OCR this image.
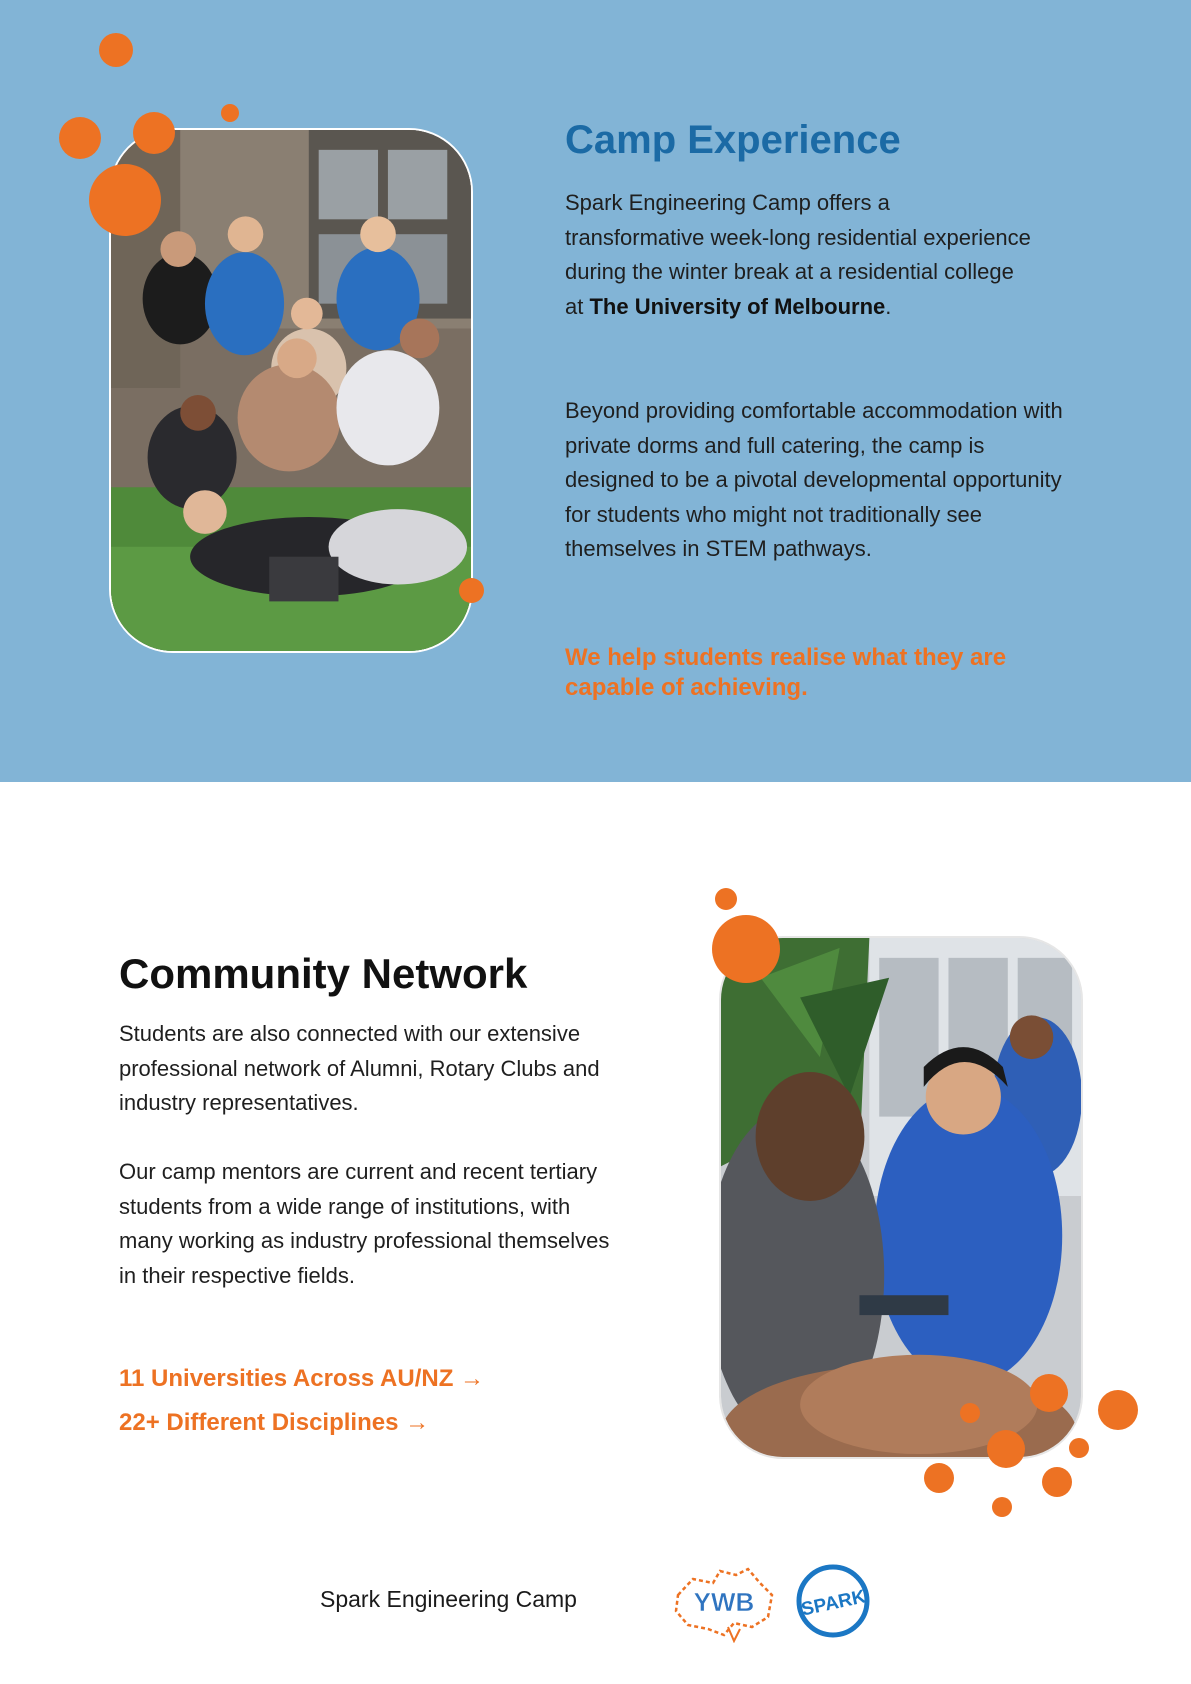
Camp Experience
Spark Engineering Camp offers a transformative week-long residential experience during the winter break at a residential college at The University of Melbourne.
Beyond providing comfortable accommodation with private dorms and full catering, the camp is designed to be a pivotal developmental opportunity for students who might not traditionally see themselves in STEM pathways.
We help students realise what they are capable of achieving.
Community Network
Students are also connected with our extensive professional network of Alumni, Rotary Clubs and industry representatives.
Our camp mentors are current and recent tertiary students from a wide range of institutions, with many working as industry professional themselves in their respective fields.
11 Universities Across AU/NZ →
22+ Different Disciplines →
Spark Engineering Camp	YWB SPARK
